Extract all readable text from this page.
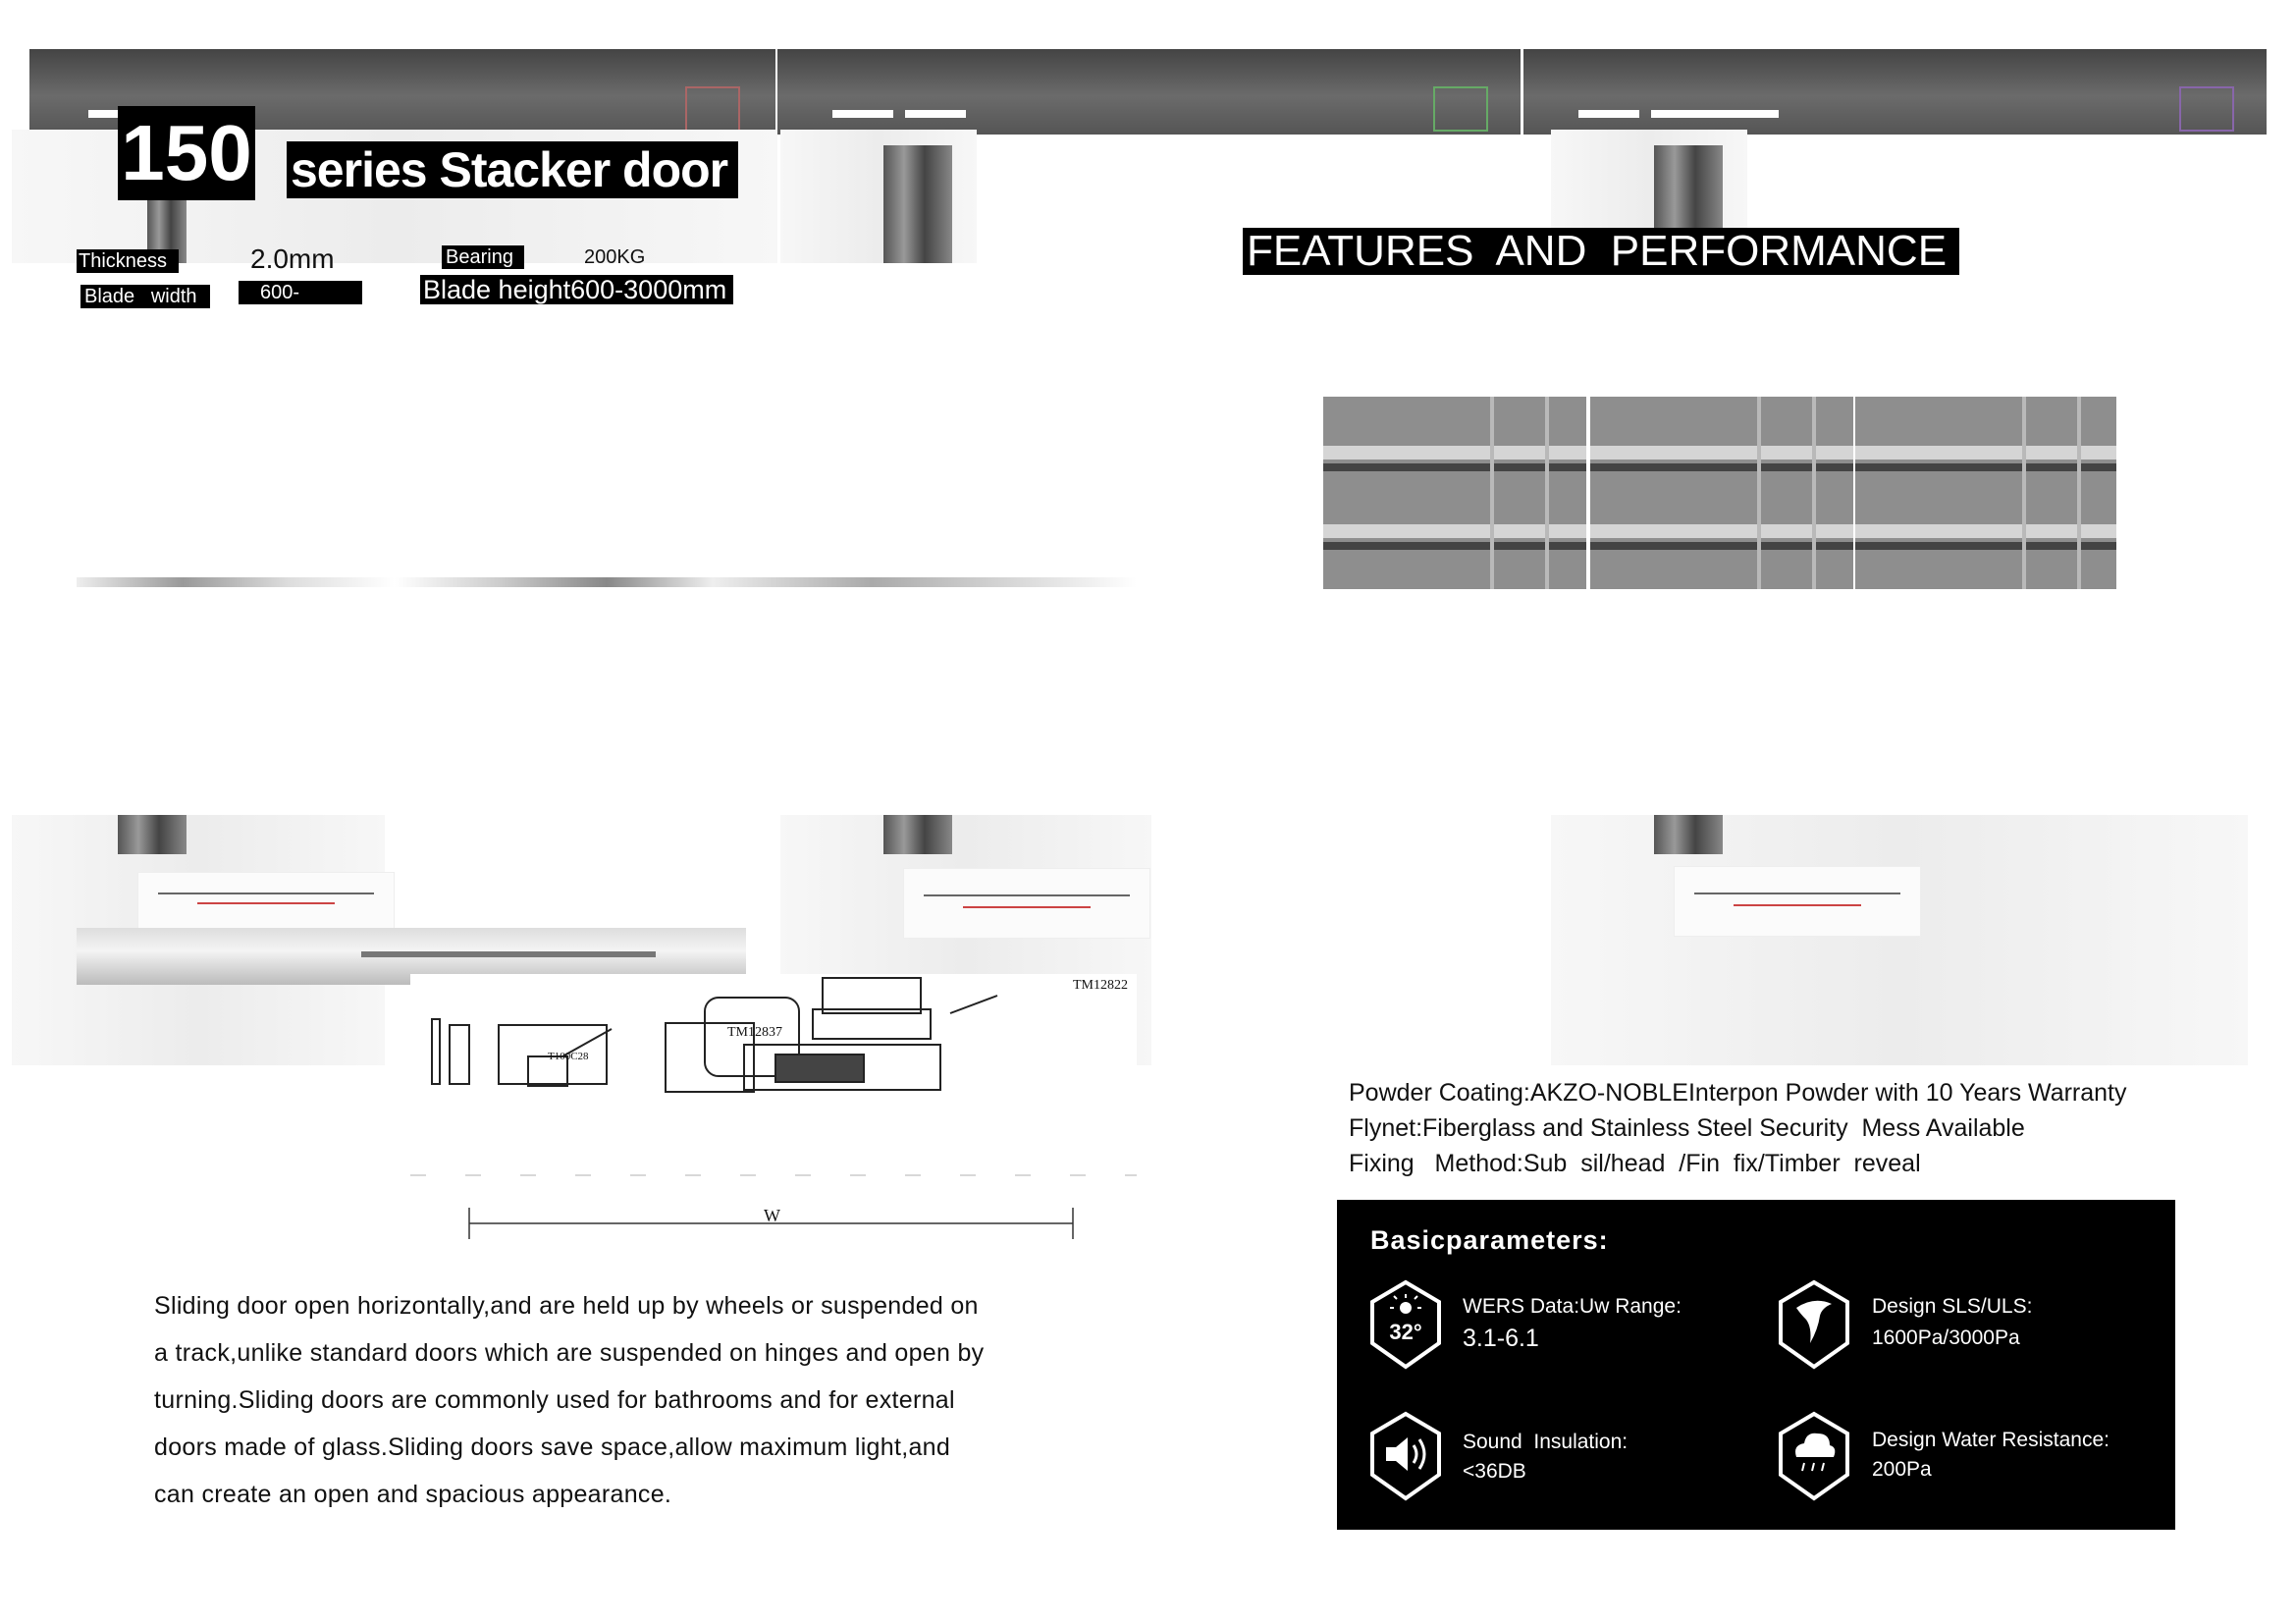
150 series Stacker door
Thickness	2.0mm	Bearing	200KG
Blade   width	600-	Blade height600-3000mm
FEATURES  AND  PERFORMANCE
TM12822
TM12837
T100C28
W

Sliding door open horizontally,and are held up by wheels or suspended on

a track,unlike standard doors which are suspended on hinges and open by

turning.Sliding doors are commonly used for bathrooms and for external

doors made of glass.Sliding doors save space,allow maximum light,and

can create an open and spacious appearance.

Powder Coating:AKZO-NOBLEInterpon Powder with 10 Years Warranty

Flynet:Fiberglass and Stainless Steel Security  Mess Available

Fixing   Method:Sub  sil/head  /Fin  fix/Timber  reveal

Basicparameters:
32°
WERS Data:Uw Range:
3.1-6.1
Design SLS/ULS:
1600Pa/3000Pa
Sound  Insulation:
<36DB
Design Water Resistance:
200Pa
